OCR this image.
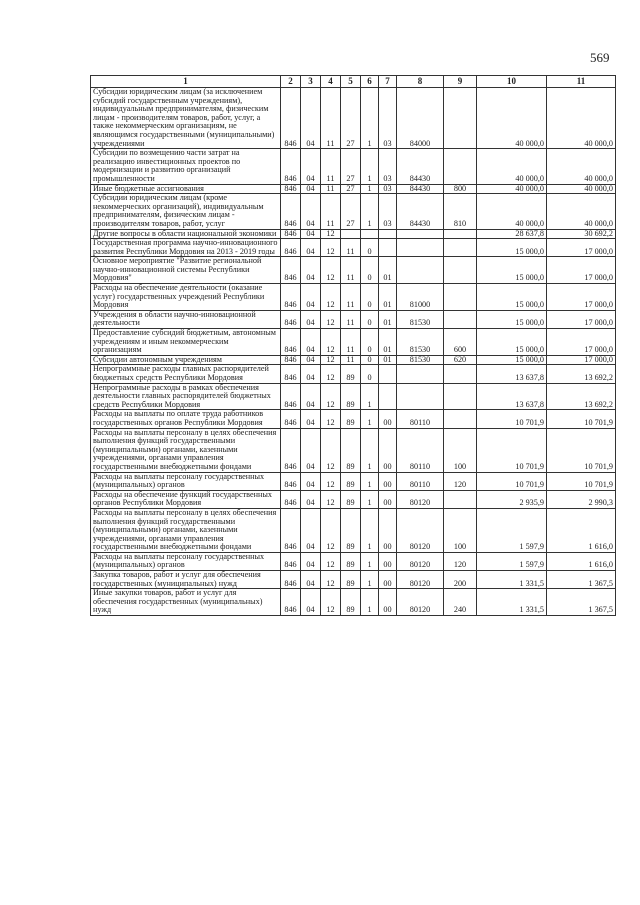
569
1	2	3	4	5	6	7	8	9	10	11
Субсидии юридическим лицам (за исключением субсидий государственным учреждениям), индивидуальным предпринимателям, физическим лицам - производителям товаров, работ, услуг, а также некоммерческим организациям, не являющимся государственными (муниципальными) учреждениями	846	04	11	27	1	03	84000		40 000,0	40 000,0
Субсидии по возмещению части затрат на реализацию инвестиционных проектов по модернизации и развитию организаций промышленности	846	04	11	27	1	03	84430		40 000,0	40 000,0
Иные бюджетные ассигнования	846	04	11	27	1	03	84430	800	40 000,0	40 000,0
Субсидии юридическим лицам (кроме некоммерческих организаций), индивидуальным предпринимателям, физическим лицам - производителям товаров, работ, услуг	846	04	11	27	1	03	84430	810	40 000,0	40 000,0
Другие вопросы в области национальной экономики	846	04	12						28 637,8	30 692,2
Государственная программа научно-инновационного развития Республики Мордовия на 2013 - 2019 годы	846	04	12	11	0				15 000,0	17 000,0
Основное мероприятие "Развитие региональной научно-инновационной системы Республики Мордовия"	846	04	12	11	0	01			15 000,0	17 000,0
Расходы на обеспечение деятельности (оказание услуг) государственных учреждений Республики Мордовия	846	04	12	11	0	01	81000		15 000,0	17 000,0
Учреждения в области научно-инновационной деятельности	846	04	12	11	0	01	81530		15 000,0	17 000,0
Предоставление субсидий бюджетным, автономным учреждениям и иным некоммерческим организациям	846	04	12	11	0	01	81530	600	15 000,0	17 000,0
Субсидии автономным учреждениям	846	04	12	11	0	01	81530	620	15 000,0	17 000,0
Непрограммные расходы главных распорядителей бюджетных средств Республики Мордовия	846	04	12	89	0				13 637,8	13 692,2
Непрограммные расходы в рамках обеспечения деятельности главных распорядителей бюджетных средств Республики Мордовия	846	04	12	89	1				13 637,8	13 692,2
Расходы на выплаты по оплате труда работников государственных органов Республики Мордовия	846	04	12	89	1	00	80110		10 701,9	10 701,9
Расходы на выплаты персоналу в целях обеспечения выполнения функций государственными (муниципальными) органами, казенными учреждениями, органами управления государственными внебюджетными фондами	846	04	12	89	1	00	80110	100	10 701,9	10 701,9
Расходы на выплаты персоналу государственных (муниципальных) органов	846	04	12	89	1	00	80110	120	10 701,9	10 701,9
Расходы на обеспечение функций государственных органов Республики Мордовия	846	04	12	89	1	00	80120		2 935,9	2 990,3
Расходы на выплаты персоналу в целях обеспечения выполнения функций государственными (муниципальными) органами, казенными учреждениями, органами управления государственными внебюджетными фондами	846	04	12	89	1	00	80120	100	1 597,9	1 616,0
Расходы на выплаты персоналу государственных (муниципальных) органов	846	04	12	89	1	00	80120	120	1 597,9	1 616,0
Закупка товаров, работ и услуг для обеспечения государственных (муниципальных) нужд	846	04	12	89	1	00	80120	200	1 331,5	1 367,5
Иные закупки товаров, работ и услуг для обеспечения государственных (муниципальных) нужд	846	04	12	89	1	00	80120	240	1 331,5	1 367,5
